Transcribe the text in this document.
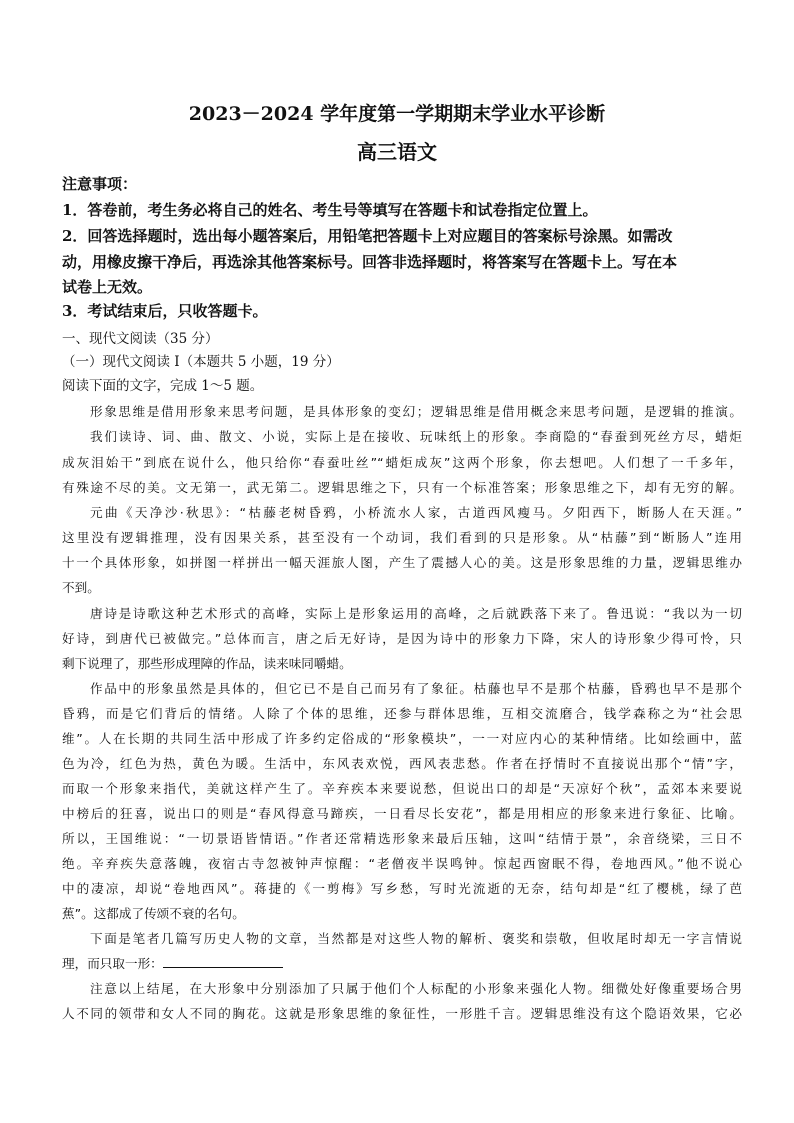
2023－2024 学年度第一学期期末学业水平诊断
高三语文
注意事项：
1．答卷前，考生务必将自己的姓名、考生号等填写在答题卡和试卷指定位置上。
2．回答选择题时，选出每小题答案后，用铅笔把答题卡上对应题目的答案标号涂黑。如需改
动，用橡皮擦干净后，再选涂其他答案标号。回答非选择题时，将答案写在答题卡上。写在本
试卷上无效。
3．考试结束后，只收答题卡。
一、现代文阅读（35 分）
（一）现代文阅读 I（本题共 5 小题，19 分）
阅读下面的文字，完成 1～5 题。
形象思维是借用形象来思考问题，是具体形象的变幻；逻辑思维是借用概念来思考问题，是逻辑的推演。
我们读诗、词、曲、散文、小说，实际上是在接收、玩味纸上的形象。李商隐的“春蚕到死丝方尽，蜡炬
成灰泪始干”到底在说什么，他只给你“春蚕吐丝”“蜡炬成灰”这两个形象，你去想吧。人们想了一千多年，
有殊途不尽的美。文无第一，武无第二。逻辑思维之下，只有一个标准答案；形象思维之下，却有无穷的解。
元曲《天净沙·秋思》：“枯藤老树昏鸦，小桥流水人家，古道西风瘦马。夕阳西下，断肠人在天涯。”
这里没有逻辑推理，没有因果关系，甚至没有一个动词，我们看到的只是形象。从“枯藤”到“断肠人”连用
十一个具体形象，如拼图一样拼出一幅天涯旅人图，产生了震撼人心的美。这是形象思维的力量，逻辑思维办
不到。
唐诗是诗歌这种艺术形式的高峰，实际上是形象运用的高峰，之后就跌落下来了。鲁迅说：“我以为一切
好诗，到唐代已被做完。”总体而言，唐之后无好诗，是因为诗中的形象力下降，宋人的诗形象少得可怜，只
剩下说理了，那些形成理障的作品，读来味同嚼蜡。
作品中的形象虽然是具体的，但它已不是自己而另有了象征。枯藤也早不是那个枯藤，昏鸦也早不是那个
昏鸦，而是它们背后的情绪。人除了个体的思维，还参与群体思维，互相交流磨合，钱学森称之为“社会思
维”。人在长期的共同生活中形成了许多约定俗成的“形象模块”，一一对应内心的某种情绪。比如绘画中，蓝
色为冷，红色为热，黄色为暖。生活中，东风表欢悦，西风表悲愁。作者在抒情时不直接说出那个“情”字，
而取一个形象来指代，美就这样产生了。辛弃疾本来要说愁，但说出口的却是“天凉好个秋”，孟郊本来要说
中榜后的狂喜，说出口的则是“春风得意马蹄疾，一日看尽长安花”，都是用相应的形象来进行象征、比喻。
所以，王国维说：“一切景语皆情语。”作者还常精选形象来最后压轴，这叫“结情于景”，余音绕梁，三日不
绝。辛弃疾失意落魄，夜宿古寺忽被钟声惊醒：“老僧夜半误鸣钟。惊起西窗眠不得，卷地西风。”他不说心
中的凄凉，却说“卷地西风”。蒋捷的《一剪梅》写乡愁，写时光流逝的无奈，结句却是“红了樱桃，绿了芭
蕉”。这都成了传颂不衰的名句。
下面是笔者几篇写历史人物的文章，当然都是对这些人物的解析、褒奖和崇敬，但收尾时却无一字言情说
理，而只取一形：
注意以上结尾，在大形象中分别添加了只属于他们个人标配的小形象来强化人物。细微处好像重要场合男
人不同的领带和女人不同的胸花。这就是形象思维的象征性，一形胜千言。逻辑思维没有这个隐语效果，它必
